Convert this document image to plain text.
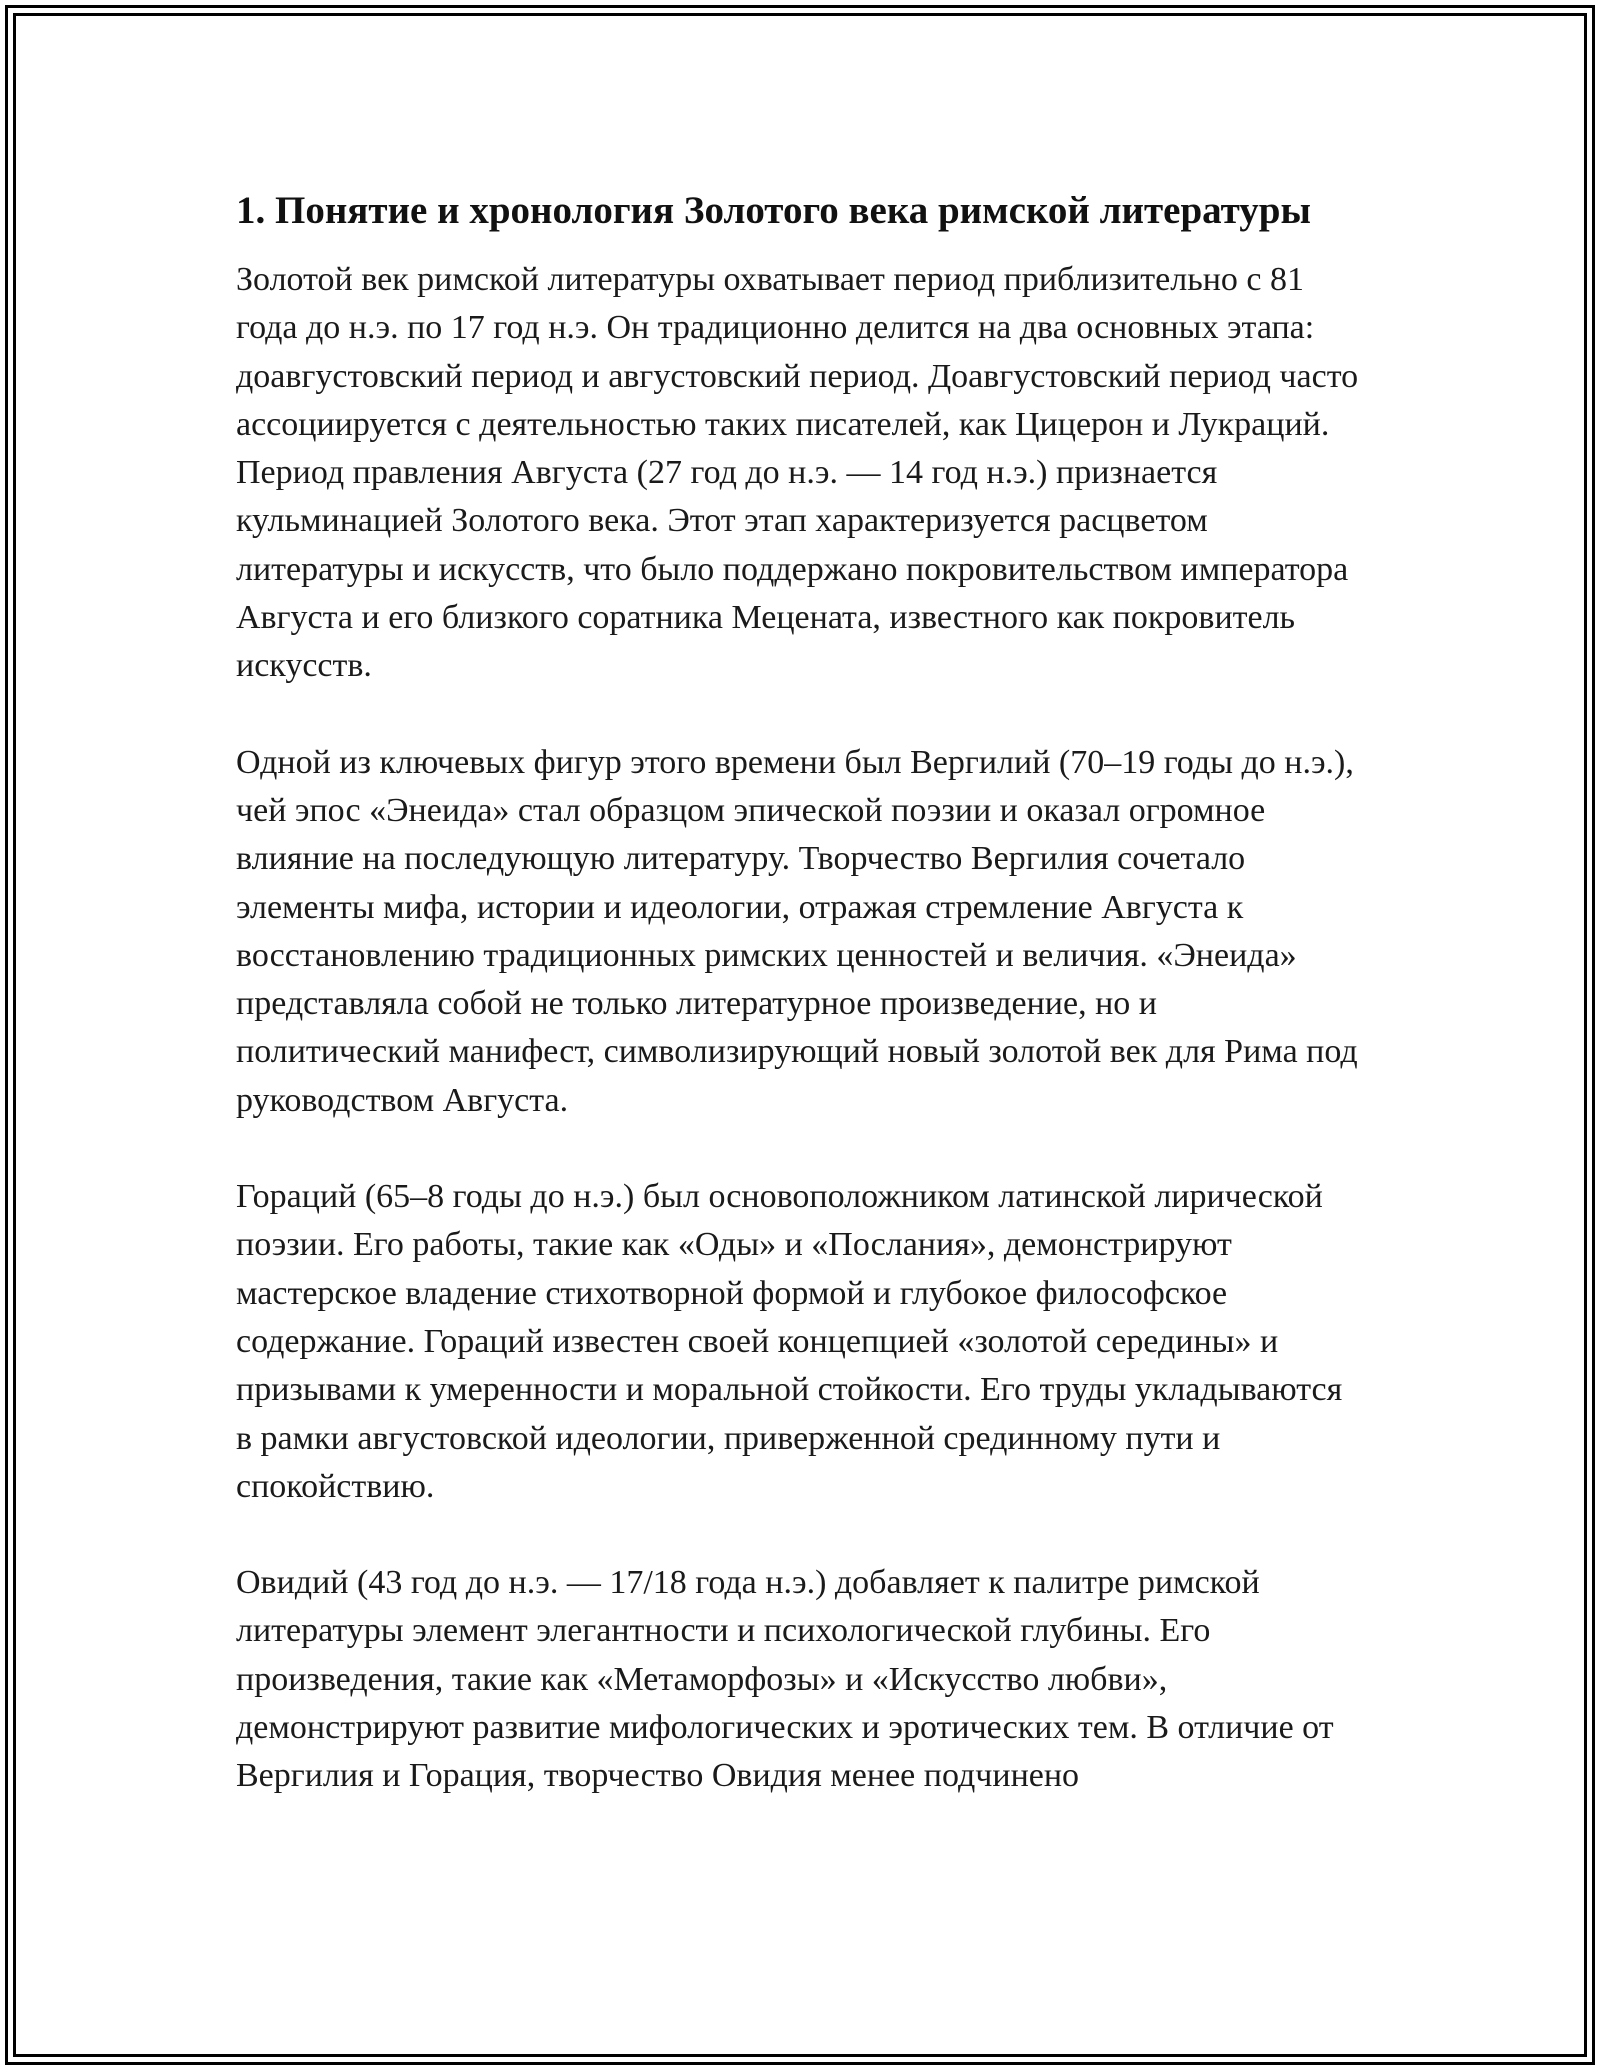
1. Понятие и хронология Золотого века римской литературы

Золотой век римской литературы охватывает период приблизительно с 81 года до н.э. по 17 год н.э. Он традиционно делится на два основных этапа: доавгустовский период и августовский период. Доавгустовский период часто ассоциируется с деятельностью таких писателей, как Цицерон и Лукраций. Период правления Августа (27 год до н.э. — 14 год н.э.) признается кульминацией Золотого века. Этот этап характеризуется расцветом литературы и искусств, что было поддержано покровительством императора Августа и его близкого соратника Мецената, известного как покровитель искусств.

Одной из ключевых фигур этого времени был Вергилий (70–19 годы до н.э.), чей эпос «Энеида» стал образцом эпической поэзии и оказал огромное влияние на последующую литературу. Творчество Вергилия сочетало элементы мифа, истории и идеологии, отражая стремление Августа к восстановлению традиционных римских ценностей и величия. «Энеида» представляла собой не только литературное произведение, но и политический манифест, символизирующий новый золотой век для Рима под руководством Августа.

Гораций (65–8 годы до н.э.) был основоположником латинской лирической поэзии. Его работы, такие как «Оды» и «Послания», демонстрируют мастерское владение стихотворной формой и глубокое философское содержание. Гораций известен своей концепцией «золотой середины» и призывами к умеренности и моральной стойкости. Его труды укладываются в рамки августовской идеологии, приверженной срединному пути и спокойствию.

Овидий (43 год до н.э. — 17/18 года н.э.) добавляет к палитре римской литературы элемент элегантности и психологической глубины. Его произведения, такие как «Метаморфозы» и «Искусство любви», демонстрируют развитие мифологических и эротических тем. В отличие от Вергилия и Горация, творчество Овидия менее подчинено
